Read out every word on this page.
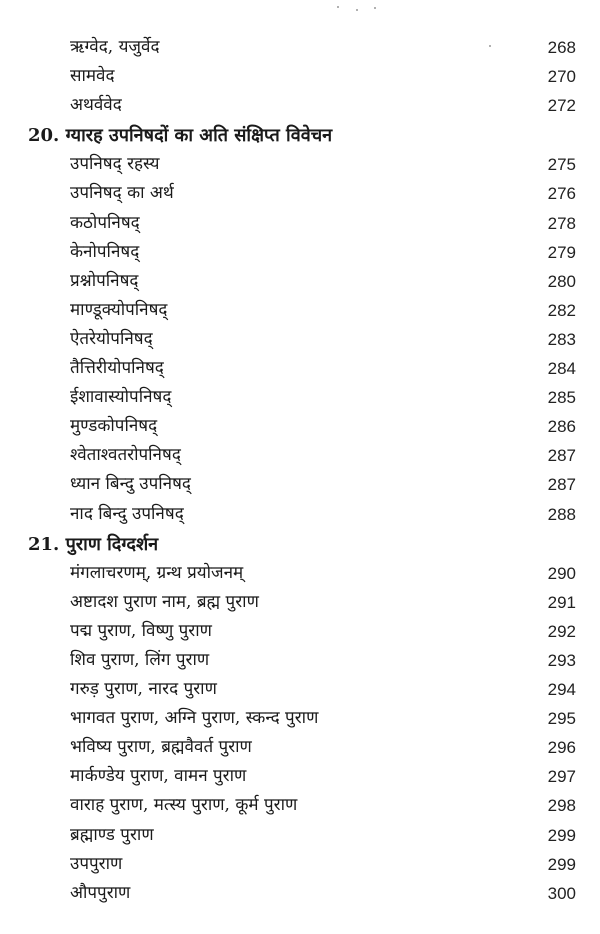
ऋग्वेद, यजुर्वेद	268
सामवेद	270
अथर्ववेद	272
20. ग्यारह उपनिषदों का अति संक्षिप्त विवेचन
उपनिषद् रहस्य	275
उपनिषद् का अर्थ	276
कठोपनिषद्	278
केनोपनिषद्	279
प्रश्नोपनिषद्	280
माण्डूक्योपनिषद्	282
ऐतरेयोपनिषद्	283
तैत्तिरीयोपनिषद्	284
ईशावास्योपनिषद्	285
मुण्डकोपनिषद्	286
श्वेताश्वतरोपनिषद्	287
ध्यान बिन्दु उपनिषद्	287
नाद बिन्दु उपनिषद्	288
21. पुराण दिग्दर्शन
मंगलाचरणम्, ग्रन्थ प्रयोजनम्	290
अष्टादश पुराण नाम, ब्रह्म पुराण	291
पद्म पुराण, विष्णु पुराण	292
शिव पुराण, लिंग पुराण	293
गरुड़ पुराण, नारद पुराण	294
भागवत पुराण, अग्नि पुराण, स्कन्द पुराण	295
भविष्य पुराण, ब्रह्मवैवर्त पुराण	296
मार्कण्डेय पुराण, वामन पुराण	297
वाराह पुराण, मत्स्य पुराण, कूर्म पुराण	298
ब्रह्माण्ड पुराण	299
उपपुराण	299
औपपुराण	300
